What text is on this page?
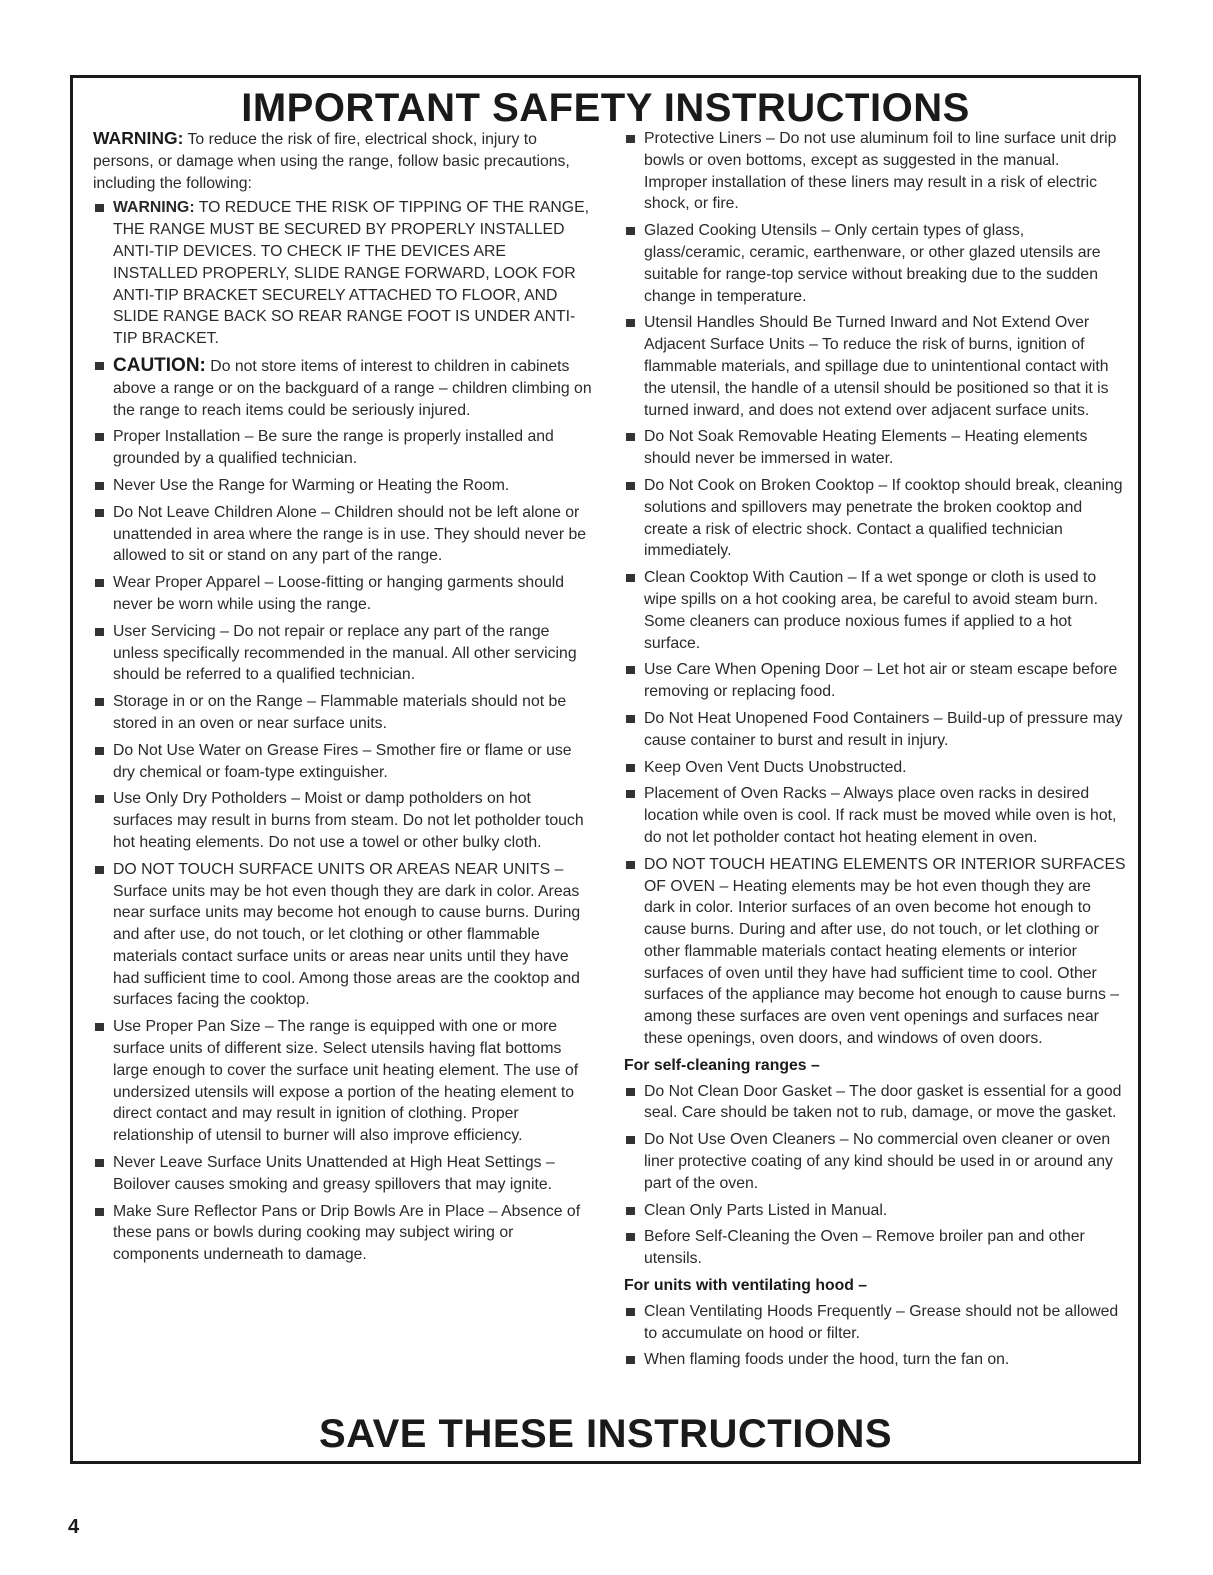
IMPORTANT SAFETY INSTRUCTIONS

WARNING: To reduce the risk of fire, electrical shock, injury to persons, or damage when using the range, follow basic precautions, including the following:

WARNING: TO REDUCE THE RISK OF TIPPING OF THE RANGE, THE RANGE MUST BE SECURED BY PROPERLY INSTALLED ANTI-TIP DEVICES. TO CHECK IF THE DEVICES ARE INSTALLED PROPERLY, SLIDE RANGE FORWARD, LOOK FOR ANTI-TIP BRACKET SECURELY ATTACHED TO FLOOR, AND SLIDE RANGE BACK SO REAR RANGE FOOT IS UNDER ANTI-TIP BRACKET.
CAUTION: Do not store items of interest to children in cabinets above a range or on the backguard of a range – children climbing on the range to reach items could be seriously injured.
Proper Installation – Be sure the range is properly installed and grounded by a qualified technician.
Never Use the Range for Warming or Heating the Room.
Do Not Leave Children Alone – Children should not be left alone or unattended in area where the range is in use. They should never be allowed to sit or stand on any part of the range.
Wear Proper Apparel – Loose-fitting or hanging garments should never be worn while using the range.
User Servicing – Do not repair or replace any part of the range unless specifically recommended in the manual. All other servicing should be referred to a qualified technician.
Storage in or on the Range – Flammable materials should not be stored in an oven or near surface units.
Do Not Use Water on Grease Fires – Smother fire or flame or use dry chemical or foam-type extinguisher.
Use Only Dry Potholders – Moist or damp potholders on hot surfaces may result in burns from steam. Do not let potholder touch hot heating elements. Do not use a towel or other bulky cloth.
DO NOT TOUCH SURFACE UNITS OR AREAS NEAR UNITS – Surface units may be hot even though they are dark in color. Areas near surface units may become hot enough to cause burns. During and after use, do not touch, or let clothing or other flammable materials contact surface units or areas near units until they have had sufficient time to cool. Among those areas are the cooktop and surfaces facing the cooktop.
Use Proper Pan Size – The range is equipped with one or more surface units of different size. Select utensils having flat bottoms large enough to cover the surface unit heating element. The use of undersized utensils will expose a portion of the heating element to direct contact and may result in ignition of clothing. Proper relationship of utensil to burner will also improve efficiency.
Never Leave Surface Units Unattended at High Heat Settings – Boilover causes smoking and greasy spillovers that may ignite.
Make Sure Reflector Pans or Drip Bowls Are in Place – Absence of these pans or bowls during cooking may subject wiring or components underneath to damage.
Protective Liners – Do not use aluminum foil to line surface unit drip bowls or oven bottoms, except as suggested in the manual. Improper installation of these liners may result in a risk of electric shock, or fire.
Glazed Cooking Utensils – Only certain types of glass, glass/ceramic, ceramic, earthenware, or other glazed utensils are suitable for range-top service without breaking due to the sudden change in temperature.
Utensil Handles Should Be Turned Inward and Not Extend Over Adjacent Surface Units – To reduce the risk of burns, ignition of flammable materials, and spillage due to unintentional contact with the utensil, the handle of a utensil should be positioned so that it is turned inward, and does not extend over adjacent surface units.
Do Not Soak Removable Heating Elements – Heating elements should never be immersed in water.
Do Not Cook on Broken Cooktop – If cooktop should break, cleaning solutions and spillovers may penetrate the broken cooktop and create a risk of electric shock. Contact a qualified technician immediately.
Clean Cooktop With Caution – If a wet sponge or cloth is used to wipe spills on a hot cooking area, be careful to avoid steam burn. Some cleaners can produce noxious fumes if applied to a hot surface.
Use Care When Opening Door – Let hot air or steam escape before removing or replacing food.
Do Not Heat Unopened Food Containers – Build-up of pressure may cause container to burst and result in injury.
Keep Oven Vent Ducts Unobstructed.
Placement of Oven Racks – Always place oven racks in desired location while oven is cool. If rack must be moved while oven is hot, do not let potholder contact hot heating element in oven.
DO NOT TOUCH HEATING ELEMENTS OR INTERIOR SURFACES OF OVEN – Heating elements may be hot even though they are dark in color. Interior surfaces of an oven become hot enough to cause burns. During and after use, do not touch, or let clothing or other flammable materials contact heating elements or interior surfaces of oven until they have had sufficient time to cool. Other surfaces of the appliance may become hot enough to cause burns – among these surfaces are oven vent openings and surfaces near these openings, oven doors, and windows of oven doors.

For self-cleaning ranges –

Do Not Clean Door Gasket – The door gasket is essential for a good seal. Care should be taken not to rub, damage, or move the gasket.
Do Not Use Oven Cleaners – No commercial oven cleaner or oven liner protective coating of any kind should be used in or around any part of the oven.
Clean Only Parts Listed in Manual.
Before Self-Cleaning the Oven – Remove broiler pan and other utensils.

For units with ventilating hood –

Clean Ventilating Hoods Frequently – Grease should not be allowed to accumulate on hood or filter.
When flaming foods under the hood, turn the fan on.
SAVE THESE INSTRUCTIONS
4
